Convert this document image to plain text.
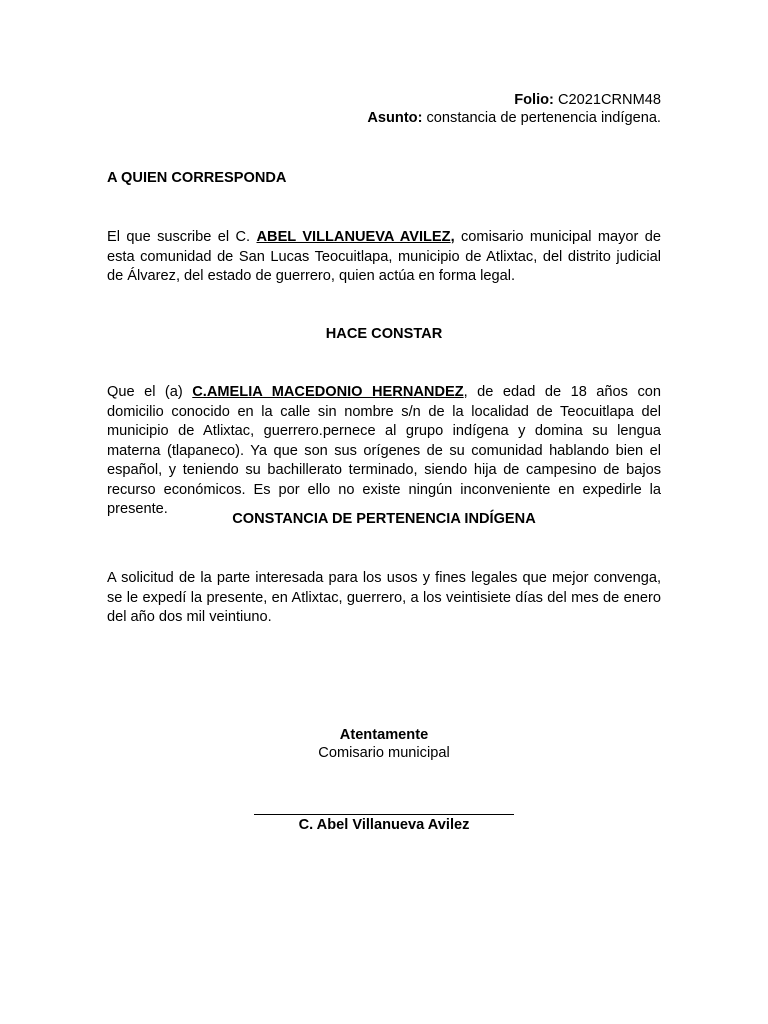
Folio: C2021CRNM48
Asunto: constancia de pertenencia indígena.
A QUIEN CORRESPONDA
El que suscribe el C. ABEL VILLANUEVA AVILEZ, comisario municipal mayor de esta comunidad de San Lucas Teocuitlapa, municipio de Atlixtac, del distrito judicial de Álvarez, del estado de guerrero, quien actúa en forma legal.
HACE CONSTAR
Que el (a) C.AMELIA MACEDONIO HERNANDEZ, de edad de 18 años con domicilio conocido en la calle sin nombre s/n de la localidad de Teocuitlapa del municipio de Atlixtac, guerrero.pernece al grupo indígena y domina su lengua materna (tlapaneco). Ya que son sus orígenes de su comunidad hablando bien el español, y teniendo su bachillerato terminado, siendo hija de campesino de bajos recurso económicos. Es por ello no existe ningún inconveniente en expedirle la presente.
CONSTANCIA DE PERTENENCIA INDÍGENA
A solicitud de la parte interesada para los usos y fines legales que mejor convenga, se le expedí la presente, en Atlixtac, guerrero, a los veintisiete días del mes de enero del año dos mil veintiuno.
Atentamente
Comisario municipal
C. Abel Villanueva Avilez
